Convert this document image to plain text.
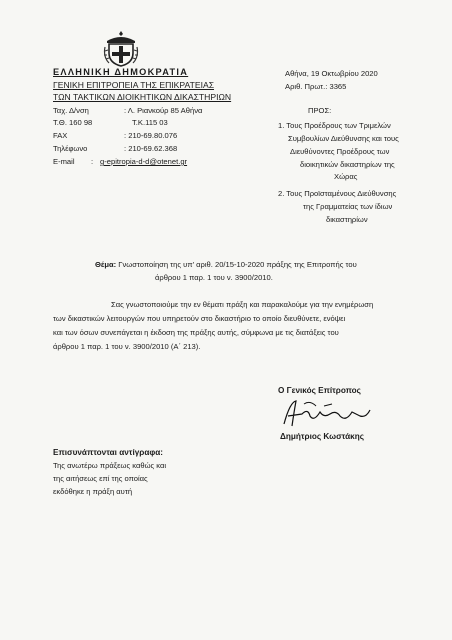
ΕΛΛΗΝΙΚΗ ΔΗΜΟΚΡΑΤΙΑ
ΓΕΝΙΚΗ ΕΠΙΤΡΟΠΕΙΑ ΤΗΣ ΕΠΙΚΡΑΤΕΙΑΣ
ΤΩΝ ΤΑΚΤΙΚΩΝ ΔΙΟΙΚΗΤΙΚΩΝ ΔΙΚΑΣΤΗΡΙΩΝ
Ταχ. Δ/νση	: Λ. Ριανκούρ 85 Αθήνα
Τ.Θ. 160 98	Τ.Κ.115 03
FAX	: 210-69.80.076
Τηλέφωνο	: 210-69.62.368
E-mail : g-epitropia-d-d@otenet.gr
Αθήνα, 19 Οκτωβρίου 2020
Αριθ. Πρωτ.: 3365
ΠΡΟΣ:
1. Τους Προέδρους των Τριμελών
Συμβουλίων Διεύθυνσης και τους
Διευθύνοντες Προέδρους των
διοικητικών δικαστηρίων της
Χώρας
2. Τους Προϊσταμένους Διεύθυνσης
της Γραμματείας των ίδιων
δικαστηρίων
Θέμα: Γνωστοποίηση της υπ' αριθ. 20/15-10-2020 πράξης της Επιτροπής του
άρθρου 1 παρ. 1 του ν. 3900/2010.
Σας γνωστοποιούμε την εν θέματι πράξη και παρακαλούμε για την ενημέρωση
των δικαστικών λειτουργών που υπηρετούν στο δικαστήριο το οποίο διευθύνετε, ενόψει
και των όσων συνεπάγεται η έκδοση της πράξης αυτής, σύμφωνα με τις διατάξεις του
άρθρου 1 παρ. 1 του ν. 3900/2010 (Α΄ 213).
Ο Γενικός Επίτροπος
Δημήτριος Κωστάκης
Επισυνάπτονται αντίγραφα:
Της ανωτέρω πράξεως καθώς και
της αιτήσεως επί της οποίας
εκδόθηκε η πράξη αυτή
